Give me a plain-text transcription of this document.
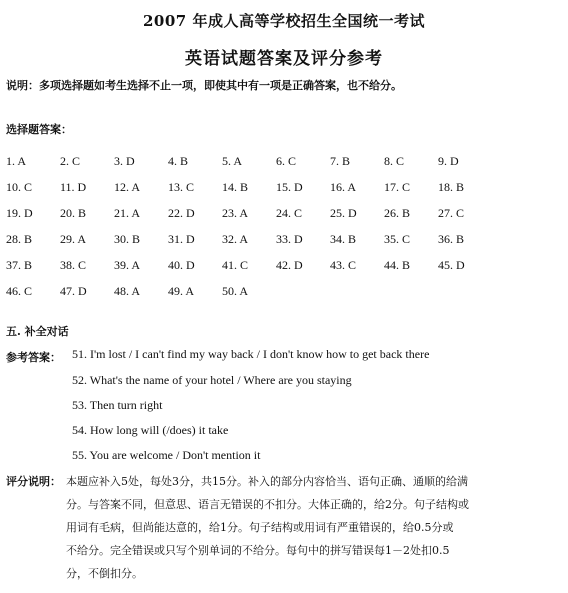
2007 年成人高等学校招生全国统一考试
英语试题答案及评分参考
说明：多项选择题如考生选择不止一项，即使其中有一项是正确答案，也不给分。
选择题答案：
1. A	2. C	3. D	4. B	5. A	6. C	7. B	8. C	9. D
10. C	11. D	12. A	13. C	14. B	15. D	16. A	17. C	18. B
19. D	20. B	21. A	22. D	23. A	24. C	25. D	26. B	27. C
28. B	29. A	30. B	31. D	32. A	33. D	34. B	35. C	36. B
37. B	38. C	39. A	40. D	41. C	42. D	43. C	44. B	45. D
46. C	47. D	48. A	49. A	50. A
五. 补全对话
参考答案： 51. I'm lost / I can't find my way back / I don't know how to get back there
52. What's the name of your hotel / Where are you staying
53. Then turn right
54. How long will (/does) it take
55. You are welcome / Don't mention it
评分说明： 本题应补入5处，每处3分，共15分。补入的部分内容恰当、语句正确、通顺的给满
分。与答案不同，但意思、语言无错误的不扣分。大体正确的，给2分。句子结构或
用词有毛病，但尚能达意的，给1分。句子结构或用词有严重错误的，给0.5分或
不给分。完全错误或只写个别单词的不给分。每句中的拼写错误每1－2处扣0.5
分，不倒扣分。
